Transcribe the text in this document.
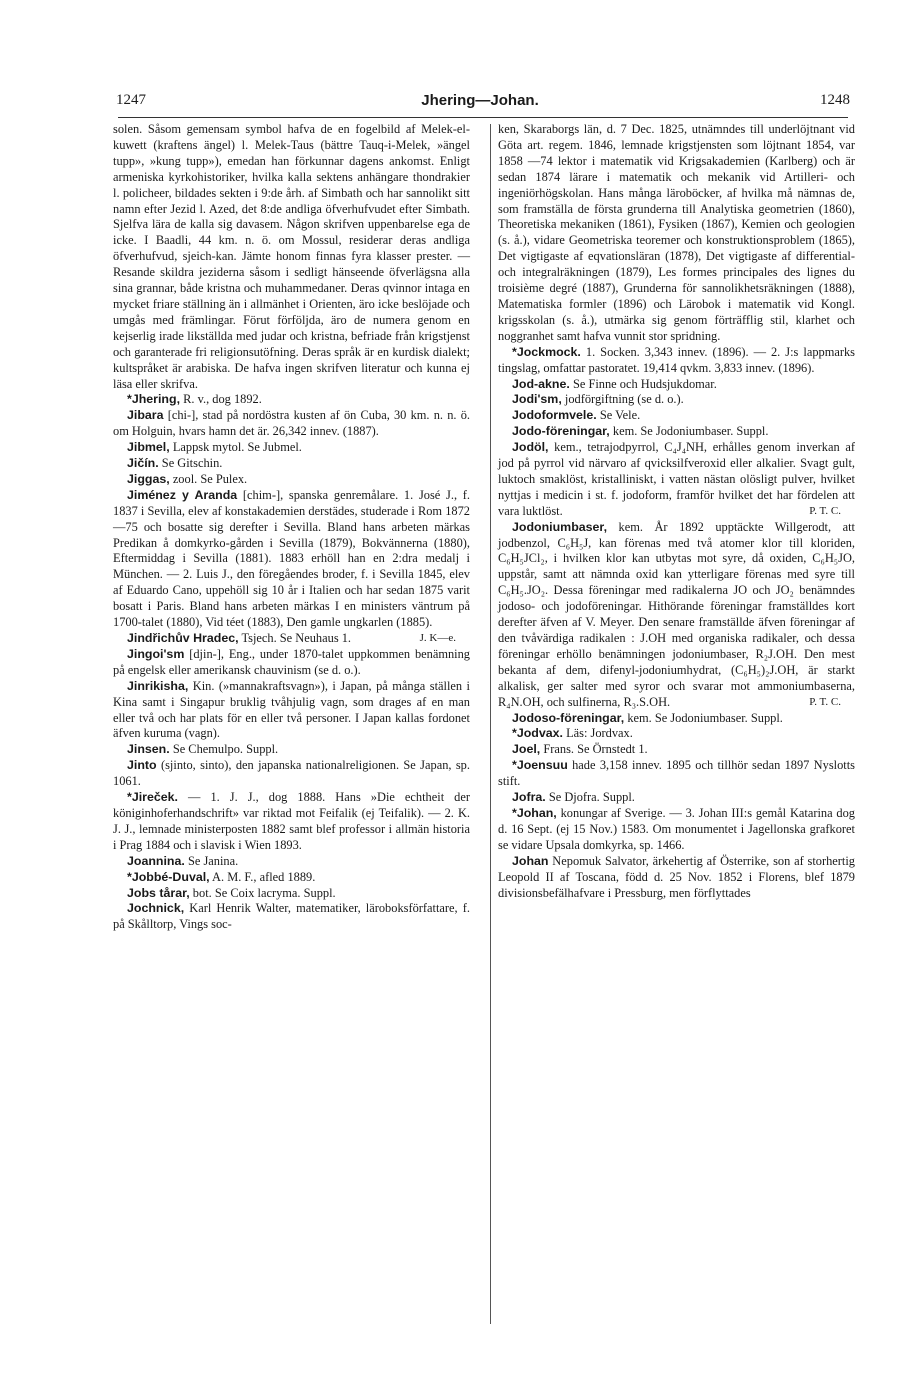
1247	Jhering—Johan.	1248

solen. Såsom gemensam symbol hafva de en fogelbild af Melek-el-kuwett (kraftens ängel) l. Melek-Taus (bättre Tauq-i-Melek, »ängel tupp», »kung tupp»), emedan han förkunnar dagens ankomst. Enligt armeniska kyrkohistoriker, hvilka kalla sektens anhängare thondrakier l. policheer, bildades sekten i 9:de årh. af Simbath och har sannolikt sitt namn efter Jezid l. Azed, det 8:de andliga öfverhufvudet efter Simbath. Sjelfva lära de kalla sig davasem. Någon skrifven uppenbarelse ega de icke. I Baadli, 44 km. n. ö. om Mossul, residerar deras andliga öfverhufvud, sjeich-kan. Jämte honom finnas fyra klasser prester. — Resande skildra jeziderna såsom i sedligt hänseende öfverlägsna alla sina grannar, både kristna och muhammedaner. Deras qvinnor intaga en mycket friare ställning än i allmänhet i Orienten, äro icke beslöjade och umgås med främlingar. Förut förföljda, äro de numera genom en kejserlig irade likställda med judar och kristna, befriade från krigstjenst och garanterade fri religionsutöfning. Deras språk är en kurdisk dialekt; kultspråket är arabiska. De hafva ingen skrifven literatur och kunna ej läsa eller skrifva.

*Jhering, R. v., dog 1892.

Jibara [chi-], stad på nordöstra kusten af ön Cuba, 30 km. n. n. ö. om Holguin, hvars hamn det är. 26,342 innev. (1887).

Jibmel, Lappsk mytol. Se Jubmel.

Jičín. Se Gitschin.

Jiggas, zool. Se Pulex.

Jiménez y Aranda [chim-], spanska genremålare. 1. José J., f. 1837 i Sevilla, elev af konstakademien derstädes, studerade i Rom 1872—75 och bosatte sig derefter i Sevilla. Bland hans arbeten märkas Predikan å domkyrko-gården i Sevilla (1879), Bokvännerna (1880), Eftermiddag i Sevilla (1881). 1883 erhöll han en 2:dra medalj i München. — 2. Luis J., den föregåendes broder, f. i Sevilla 1845, elev af Eduardo Cano, uppehöll sig 10 år i Italien och har sedan 1875 varit bosatt i Paris. Bland hans arbeten märkas I en ministers väntrum på 1700-talet (1880), Vid téet (1883), Den gamle ungkarlen (1885).
J. K—e.

Jindřichův Hradec, Tsjech. Se Neuhaus 1.

Jingoi'sm [djin-], Eng., under 1870-talet uppkommen benämning på engelsk eller amerikansk chauvinism (se d. o.).

Jinrikisha, Kin. (»mannakraftsvagn»), i Japan, på många ställen i Kina samt i Singapur bruklig tvåhjulig vagn, som drages af en man eller två och har plats för en eller två personer. I Japan kallas fordonet äfven kuruma (vagn).

Jinsen. Se Chemulpo. Suppl.

Jinto (sjinto, sinto), den japanska nationalreligionen. Se Japan, sp. 1061.

*Jireček. — 1. J. J., dog 1888. Hans »Die echtheit der königinhoferhandschrift» var riktad mot Feifalik (ej Teifalik). — 2. K. J. J., lemnade ministerposten 1882 samt blef professor i allmän historia i Prag 1884 och i slavisk i Wien 1893.

Joannina. Se Janina.

*Jobbé-Duval, A. M. F., afled 1889.

Jobs tårar, bot. Se Coix lacryma. Suppl.

Jochnick, Karl Henrik Walter, matematiker, läroboksförfattare, f. på Skålltorp, Vings soc-

ken, Skaraborgs län, d. 7 Dec. 1825, utnämndes till underlöjtnant vid Göta art. regem. 1846, lemnade krigstjensten som löjtnant 1854, var 1858 —74 lektor i matematik vid Krigsakademien (Karlberg) och är sedan 1874 lärare i matematik och mekanik vid Artilleri- och ingeniörhögskolan. Hans många läroböcker, af hvilka må nämnas de, som framställa de första grunderna till Analytiska geometrien (1860), Theoretiska mekaniken (1861), Fysiken (1867), Kemien och geologien (s. å.), vidare Geometriska teoremer och konstruktionsproblem (1865), Det vigtigaste af eqvationsläran (1878), Det vigtigaste af differential- och integralräkningen (1879), Les formes principales des lignes du troisième degré (1887), Grunderna för sannolikhetsräkningen (1888), Matematiska formler (1896) och Lärobok i matematik vid Kongl. krigsskolan (s. å.), utmärka sig genom förträfflig stil, klarhet och noggranhet samt hafva vunnit stor spridning.

*Jockmock. 1. Socken. 3,343 innev. (1896). — 2. J:s lappmarks tingslag, omfattar pastoratet. 19,414 qvkm. 3,833 innev. (1896).

Jod-akne. Se Finne och Hudsjukdomar.

Jodi'sm, jodförgiftning (se d. o.).

Jodoformvele. Se Vele.

Jodo-föreningar, kem. Se Jodoniumbaser. Suppl.

Jodöl, kem., tetrajodpyrrol, C₄J₄NH, erhålles genom inverkan af jod på pyrrol vid närvaro af qvicksilfveroxid eller alkalier. Svagt gult, luktoch smaklöst, kristalliniskt, i vatten nästan olösligt pulver, hvilket nyttjas i medicin i st. f. jodoform, framför hvilket det har fördelen att vara luktlöst.	P. T. C.

Jodoniumbaser, kem. År 1892 upptäckte Willgerodt, att jodbenzol, C₆H₅J, kan förenas med två atomer klor till kloriden, C₆H₅JCl₂, i hvilken klor kan utbytas mot syre, då oxiden, C₆H₅JO, uppstår, samt att nämnda oxid kan ytterligare förenas med syre till C₆H₅.JO₂. Dessa föreningar med radikalerna JO och JO₂ benämndes jodoso- och jodoföreningar. Hithörande föreningar framställdes kort derefter äfven af V. Meyer. Den senare framställde äfven föreningar af den tvåvärdiga radikalen : J.OH med organiska radikaler, och dessa föreningar erhöllo benämningen jodoniumbaser, R₂J.OH. Den mest bekanta af dem, difenyl-jodoniumhydrat, (C₆H₅)₂J.OH, är starkt alkalisk, ger salter med syror och svarar mot ammoniumbaserna, R₄N.OH, och sulfinerna, R₃.S.OH.	P. T. C.

Jodoso-föreningar, kem. Se Jodoniumbaser. Suppl.

*Jodvax. Läs: Jordvax.

Joel, Frans. Se Örnstedt 1.

*Joensuu hade 3,158 innev. 1895 och tillhör sedan 1897 Nyslotts stift.

Jofra. Se Djofra. Suppl.

*Johan, konungar af Sverige. — 3. Johan III:s gemål Katarina dog d. 16 Sept. (ej 15 Nov.) 1583. Om monumentet i Jagellonska grafkoret se vidare Upsala domkyrka, sp. 1466.

Johan Nepomuk Salvator, ärkehertig af Österrike, son af storhertig Leopold II af Toscana, född d. 25 Nov. 1852 i Florens, blef 1879 divisionsbefälhafvare i Pressburg, men förflyttades
